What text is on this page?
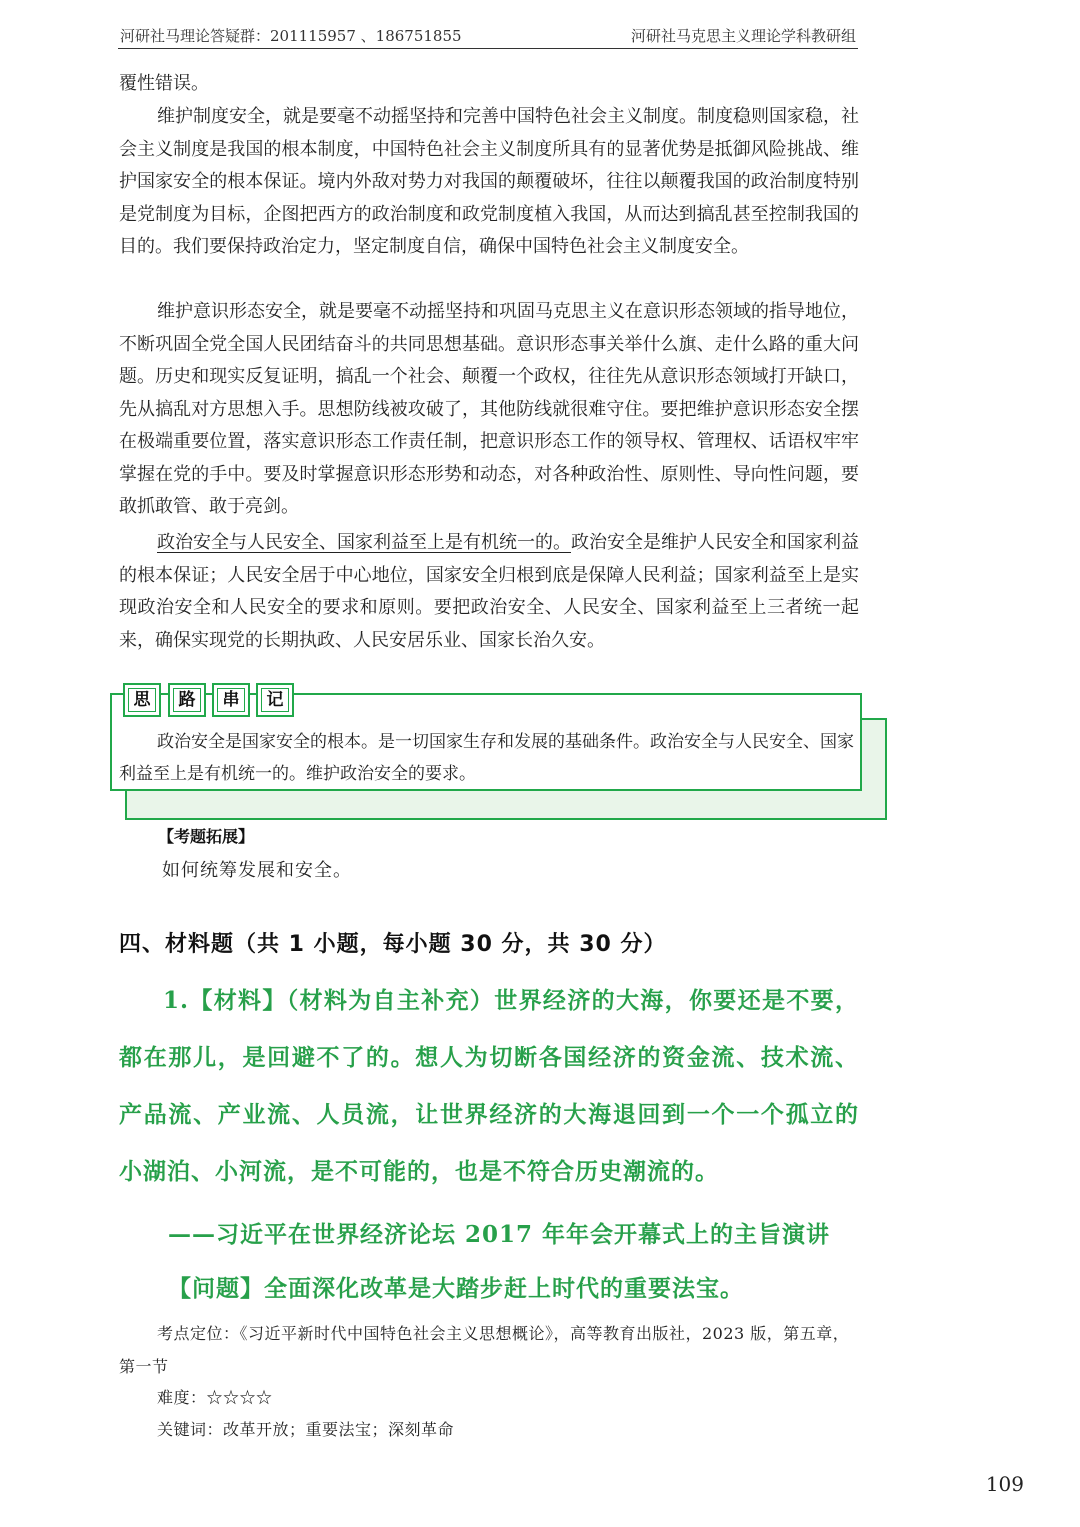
河研社马理论答疑群：201115957 、186751855	河研社马克思主义理论学科教研组

覆性错误。

维护制度安全，就是要毫不动摇坚持和完善中国特色社会主义制度。制度稳则国家稳，社会主义制度是我国的根本制度，中国特色社会主义制度所具有的显著优势是抵御风险挑战、维护国家安全的根本保证。境内外敌对势力对我国的颠覆破坏，往往以颠覆我国的政治制度特别是党制度为目标，企图把西方的政治制度和政党制度植入我国，从而达到搞乱甚至控制我国的目的。我们要保持政治定力，坚定制度自信，确保中国特色社会主义制度安全。

维护意识形态安全，就是要毫不动摇坚持和巩固马克思主义在意识形态领域的指导地位，不断巩固全党全国人民团结奋斗的共同思想基础。意识形态事关举什么旗、走什么路的重大问题。历史和现实反复证明，搞乱一个社会、颠覆一个政权，往往先从意识形态领域打开缺口，先从搞乱对方思想入手。思想防线被攻破了，其他防线就很难守住。要把维护意识形态安全摆在极端重要位置，落实意识形态工作责任制，把意识形态工作的领导权、管理权、话语权牢牢掌握在党的手中。要及时掌握意识形态形势和动态，对各种政治性、原则性、导向性问题，要敢抓敢管、敢于亮剑。

政治安全与人民安全、国家利益至上是有机统一的。政治安全是维护人民安全和国家利益的根本保证；人民安全居于中心地位，国家安全归根到底是保障人民利益；国家利益至上是实现政治安全和人民安全的要求和原则。要把政治安全、人民安全、国家利益至上三者统一起来，确保实现党的长期执政、人民安居乐业、国家长治久安。

思	路	串	记

政治安全是国家安全的根本。是一切国家生存和发展的基础条件。政治安全与人民安全、国家利益至上是有机统一的。维护政治安全的要求。

【考题拓展】
如何统筹发展和安全。
四、材料题（共 1 小题，每小题 30 分，共 30 分）

1.【材料】（材料为自主补充）世界经济的大海，你要还是不要，都在那儿，是回避不了的。想人为切断各国经济的资金流、技术流、产品流、产业流、人员流，让世界经济的大海退回到一个一个孤立的小湖泊、小河流，是不可能的，也是不符合历史潮流的。

——习近平在世界经济论坛 2017 年年会开幕式上的主旨演讲
【问题】全面深化改革是大踏步赶上时代的重要法宝。

考点定位：《习近平新时代中国特色社会主义思想概论》，高等教育出版社，2023 版，第五章，第一节

难度：☆☆☆☆

关键词：改革开放；重要法宝；深刻革命

109
